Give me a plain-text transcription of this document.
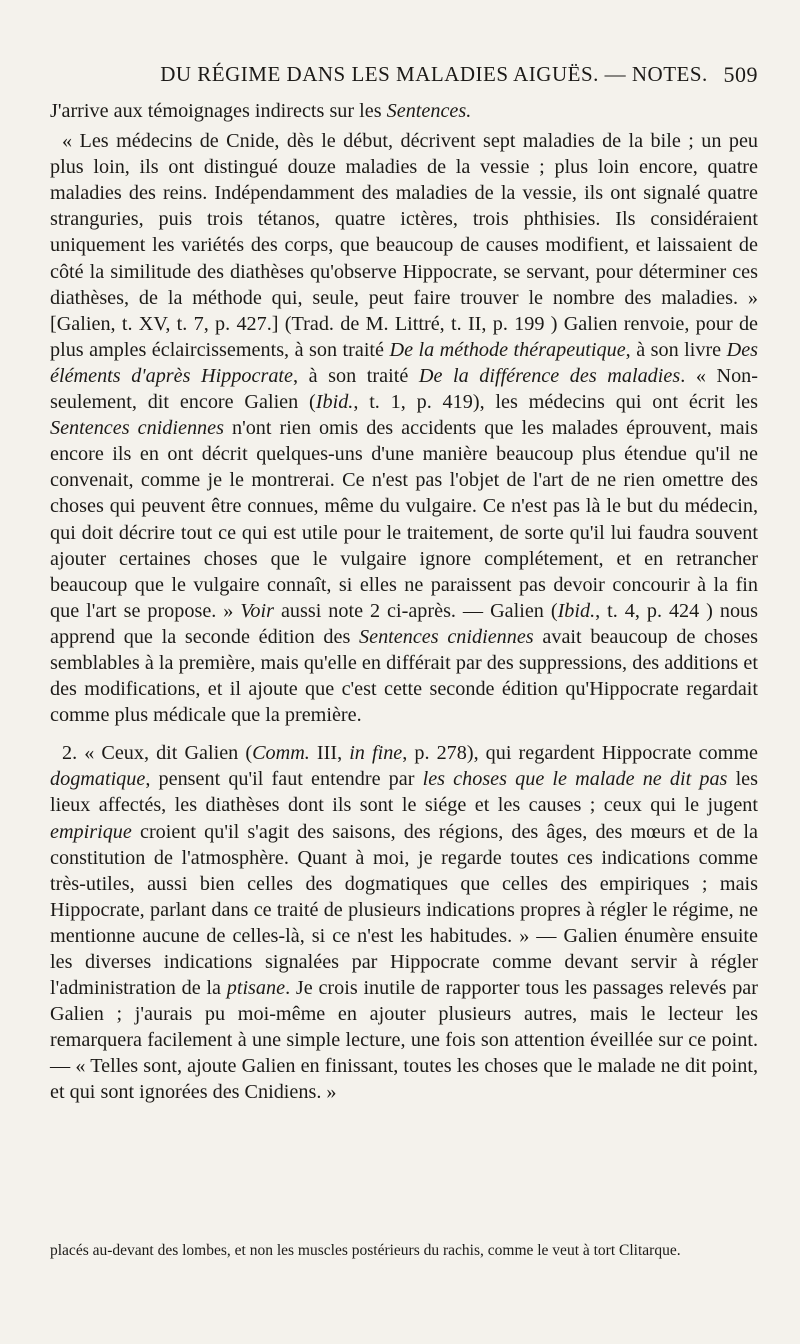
DU RÉGIME DANS LES MALADIES AIGUËS. — NOTES. 509

J'arrive aux témoignages indirects sur les Sentences.

« Les médecins de Cnide, dès le début, décrivent sept maladies de la bile ; un peu plus loin, ils ont distingué douze maladies de la vessie ; plus loin encore, quatre maladies des reins. Indépendamment des maladies de la vessie, ils ont signalé quatre stranguries, puis trois tétanos, quatre ictères, trois phthisies. Ils considéraient uniquement les variétés des corps, que beaucoup de causes modifient, et laissaient de côté la similitude des diathèses qu'observe Hippocrate, se servant, pour déterminer ces diathèses, de la méthode qui, seule, peut faire trouver le nombre des maladies. » [Galien, t. XV, t. 7, p. 427.] (Trad. de M. Littré, t. II, p. 199 ) Galien renvoie, pour de plus amples éclaircissements, à son traité De la méthode thérapeutique, à son livre Des éléments d'après Hippocrate, à son traité De la différence des maladies. « Non-seulement, dit encore Galien (Ibid., t. 1, p. 419), les médecins qui ont écrit les Sentences cnidiennes n'ont rien omis des accidents que les malades éprouvent, mais encore ils en ont décrit quelques-uns d'une manière beaucoup plus étendue qu'il ne convenait, comme je le montrerai. Ce n'est pas l'objet de l'art de ne rien omettre des choses qui peuvent être connues, même du vulgaire. Ce n'est pas là le but du médecin, qui doit décrire tout ce qui est utile pour le traitement, de sorte qu'il lui faudra souvent ajouter certaines choses que le vulgaire ignore complétement, et en retrancher beaucoup que le vulgaire connaît, si elles ne paraissent pas devoir concourir à la fin que l'art se propose. » Voir aussi note 2 ci-après. — Galien (Ibid., t. 4, p. 424 ) nous apprend que la seconde édition des Sentences cnidiennes avait beaucoup de choses semblables à la première, mais qu'elle en différait par des suppressions, des additions et des modifications, et il ajoute que c'est cette seconde édition qu'Hippocrate regardait comme plus médicale que la première.

2. « Ceux, dit Galien (Comm. III, in fine, p. 278), qui regardent Hippocrate comme dogmatique, pensent qu'il faut entendre par les choses que le malade ne dit pas les lieux affectés, les diathèses dont ils sont le siége et les causes ; ceux qui le jugent empirique croient qu'il s'agit des saisons, des régions, des âges, des mœurs et de la constitution de l'atmosphère. Quant à moi, je regarde toutes ces indications comme très-utiles, aussi bien celles des dogmatiques que celles des empiriques ; mais Hippocrate, parlant dans ce traité de plusieurs indications propres à régler le régime, ne mentionne aucune de celles-là, si ce n'est les habitudes. » — Galien énumère ensuite les diverses indications signalées par Hippocrate comme devant servir à régler l'administration de la ptisane. Je crois inutile de rapporter tous les passages relevés par Galien ; j'aurais pu moi-même en ajouter plusieurs autres, mais le lecteur les remarquera facilement à une simple lecture, une fois son attention éveillée sur ce point. — « Telles sont, ajoute Galien en finissant, toutes les choses que le malade ne dit point, et qui sont ignorées des Cnidiens. »

placés au-devant des lombes, et non les muscles postérieurs du rachis, comme le veut à tort Clitarque.
